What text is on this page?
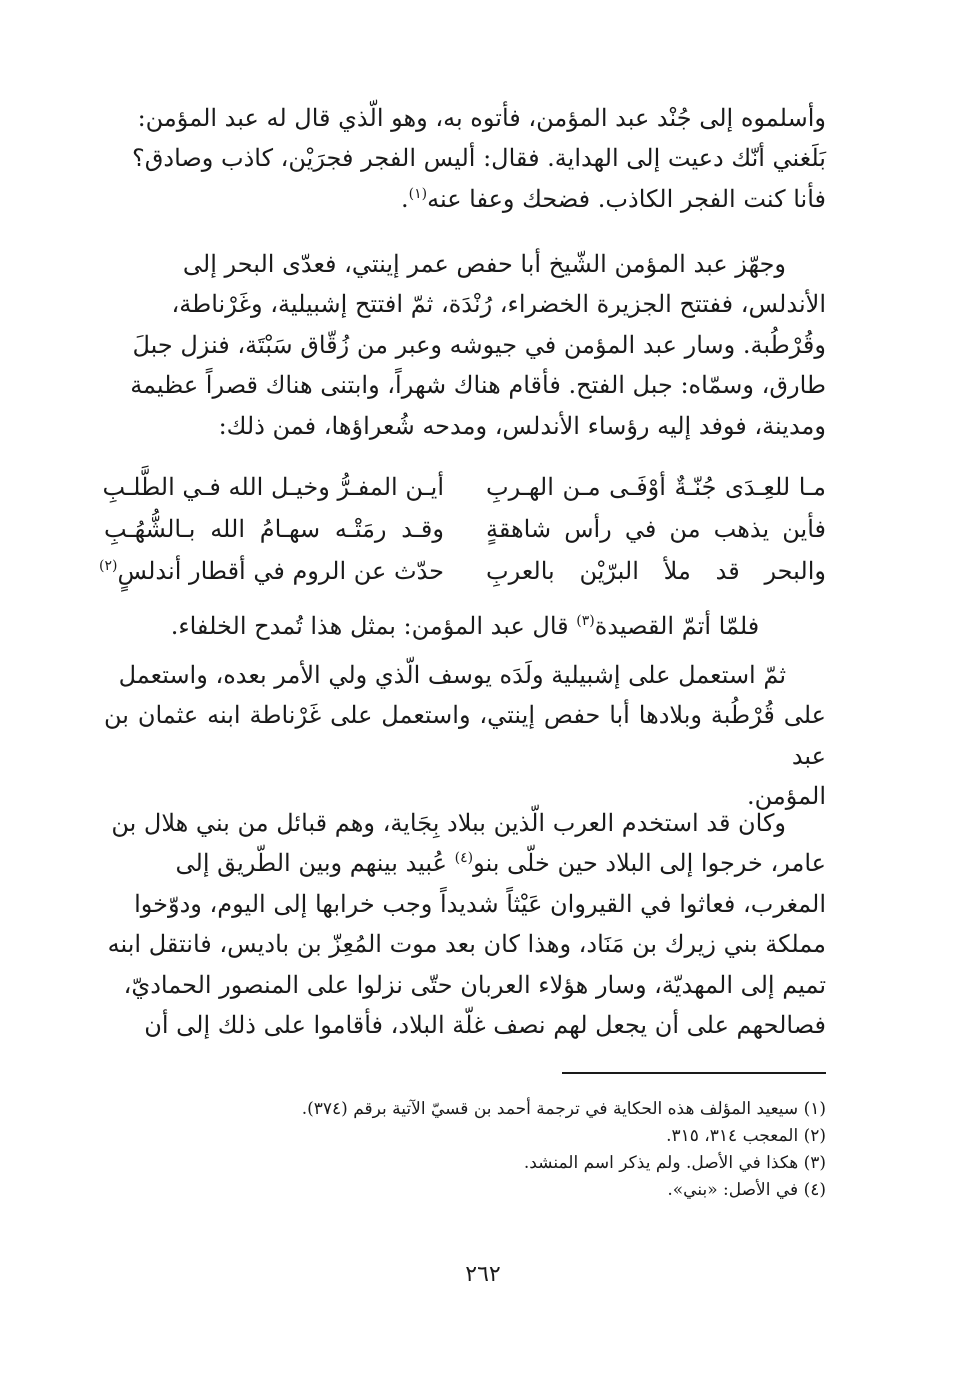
وأسلموه إلى جُنْد عبد المؤمن، فأتوه به، وهو الّذي قال له عبد المؤمن:
بَلَغني أنّك دعيت إلى الهداية. فقال: أليس الفجر فجرَيْن، كاذب وصادق؟
فأنا كنت الفجر الكاذب. فضحك وعفا عنه$^{(١)}$.
وجهّز عبد المؤمن الشّيخ أبا حفص عمر إينتي، فعدّى البحر إلى
الأندلس، ففتتح الجزيرة الخضراء، رُنْدَة، ثمّ افتتح إشبيلية، وغَرْناطة،
وقُرْطُبة. وسار عبد المؤمن في جيوشه وعبر من زُقّاق سَبْتَة، فنزل جبلَ
طارق، وسمّاه: جبل الفتح. فأقام هناك شهراً، وابتنى هناك قصراً عظيمة
ومدينة، فوفد إليه رؤساء الأندلس، ومدحه شُعراؤها، فمن ذلك:
مـا للعِـدَى جُنّـةٌ أوْفَـى مـن الهـربِ
أيـن المفـرُّ وخيـل الله فـي الطَّلـبِ
فأين يذهب من في رأس شاهقةٍ
وقـد رمَتْـه سهـامُ الله بـالشُّهُـبِ
والبحر قد ملأ البرّيْن بالعربِ
حدّث عن الروم في أقطار أندلسٍ$^{(٢)}$
فلمّا أتمّ القصيدة$^{(٣)}$ قال عبد المؤمن: بمثل هذا تُمدح الخلفاء.
ثمّ استعمل على إشبيلية ولَدَه يوسف الّذي ولي الأمر بعده، واستعمل
على قُرْطُبة وبلادها أبا حفص إينتي، واستعمل على غَرْناطة ابنه عثمان بن عبد
المؤمن.
وكان قد استخدم العرب الّذين ببلاد بِجَاية، وهم قبائل من بني هلال بن
عامر، خرجوا إلى البلاد حين خلّى بنو$^{(٤)}$ عُبيد بينهم وبين الطّريق إلى
المغرب، فعاثوا في القيروان عَيْثاً شديداً وجب خرابها إلى اليوم، ودوّخوا
مملكة بني زيرك بن مَنَاد، وهذا كان بعد موت المُعِزّ بن باديس، فانتقل ابنه
تميم إلى المهديّة، وسار هؤلاء العربان حتّى نزلوا على المنصور الحماديّ،
فصالحهم على أن يجعل لهم نصف غلّة البلاد، فأقاموا على ذلك إلى أن
(١) سيعيد المؤلف هذه الحكاية في ترجمة أحمد بن قسيّ الآتية برقم (٣٧٤).
(٢) المعجب ٣١٤، ٣١٥.
(٣) هكذا في الأصل. ولم يذكر اسم المنشد.
(٤) في الأصل: «بني».
٢٦٢
